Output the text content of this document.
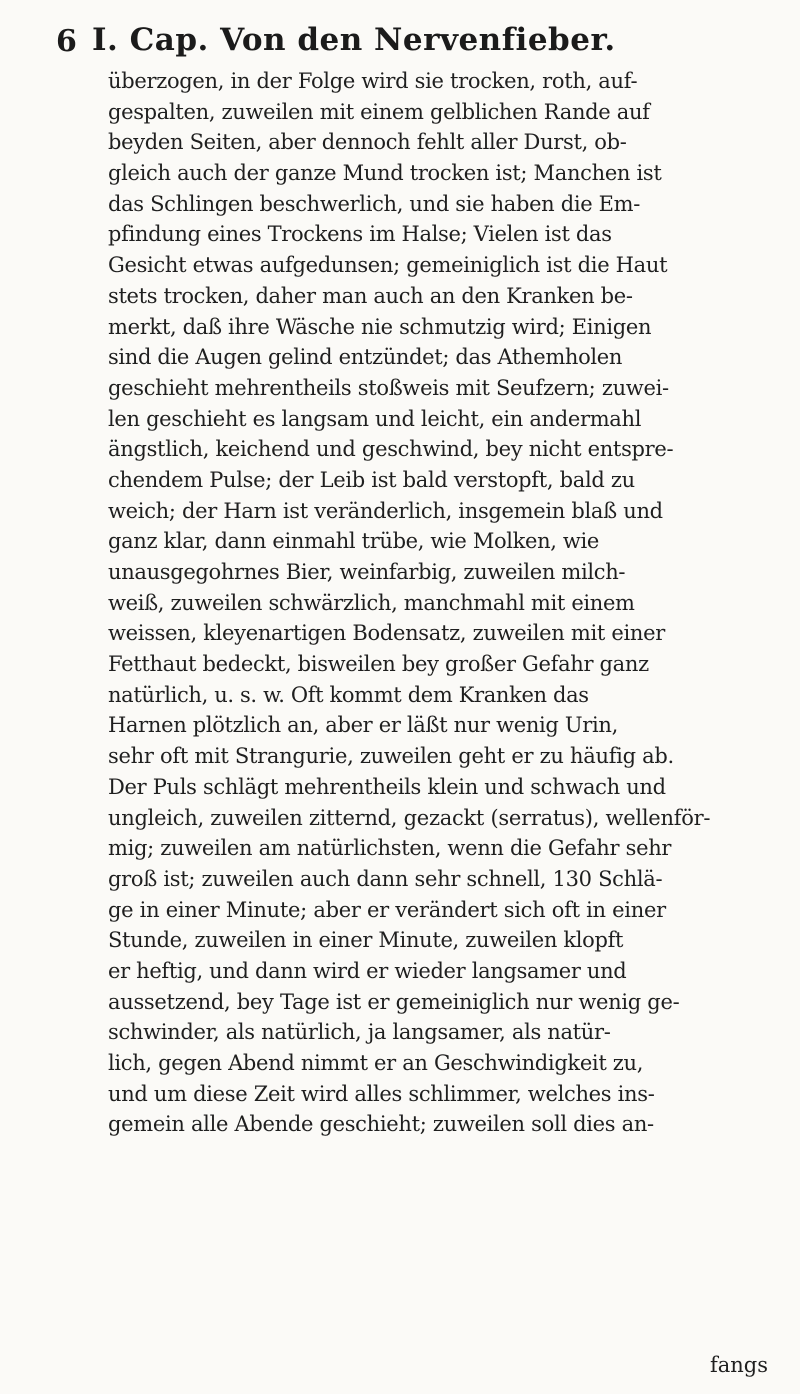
6 I. Cap. Von den Nervenfieber.
überzogen, in der Folge wird sie trocken, roth, auf-
gespalten, zuweilen mit einem gelblichen Rande auf
beyden Seiten, aber dennoch fehlt aller Durst, ob-
gleich auch der ganze Mund trocken ist; Manchen ist
das Schlingen beschwerlich, und sie haben die Em-
pfindung eines Trockens im Halse; Vielen ist das
Gesicht etwas aufgedunsen; gemeiniglich ist die Haut
stets trocken, daher man auch an den Kranken be-
merkt, daß ihre Wäsche nie schmutzig wird; Einigen
sind die Augen gelind entzündet; das Athemholen
geschieht mehrentheils stoßweis mit Seufzern; zuwei-
len geschieht es langsam und leicht, ein andermahl
ängstlich, keichend und geschwind, bey nicht entspre-
chendem Pulse; der Leib ist bald verstopft, bald zu
weich; der Harn ist veränderlich, insgemein blaß und
ganz klar, dann einmahl trübe, wie Molken, wie
unausgegohrnes Bier, weinfarbig, zuweilen milch-
weiß, zuweilen schwärzlich, manchmahl mit einem
weissen, kleyenartigen Bodensatz, zuweilen mit einer
Fetthaut bedeckt, bisweilen bey großer Gefahr ganz
natürlich, u. s. w. Oft kommt dem Kranken das
Harnen plötzlich an, aber er läßt nur wenig Urin,
sehr oft mit Strangurie, zuweilen geht er zu häufig ab.
Der Puls schlägt mehrentheils klein und schwach und
ungleich, zuweilen zitternd, gezackt (serratus), wellenför-
mig; zuweilen am natürlichsten, wenn die Gefahr sehr
groß ist; zuweilen auch dann sehr schnell, 130 Schlä-
ge in einer Minute; aber er verändert sich oft in einer
Stunde, zuweilen in einer Minute, zuweilen klopft
er heftig, und dann wird er wieder langsamer und
aussetzend, bey Tage ist er gemeiniglich nur wenig ge-
schwinder, als natürlich, ja langsamer, als natür-
lich, gegen Abend nimmt er an Geschwindigkeit zu,
und um diese Zeit wird alles schlimmer, welches ins-
gemein alle Abende geschieht; zuweilen soll dies an-
fangs
